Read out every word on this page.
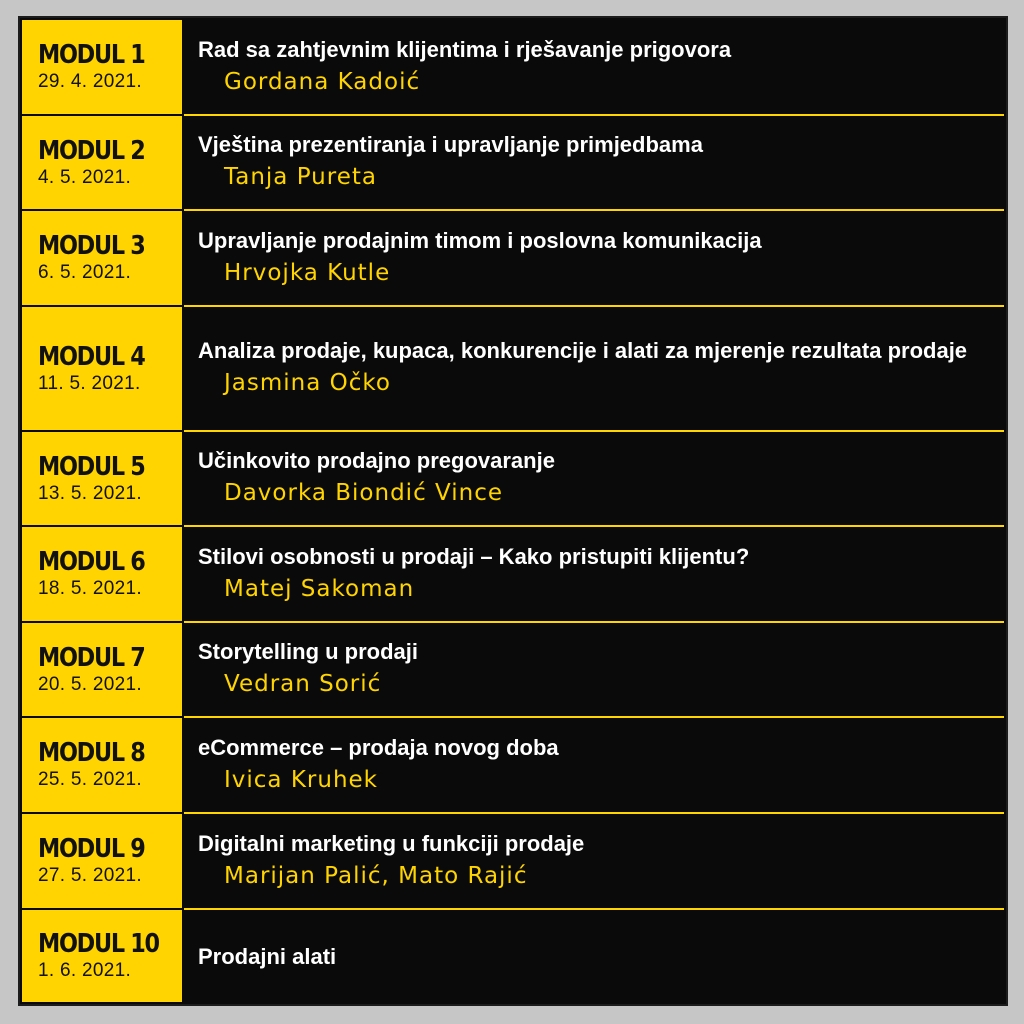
MODUL 1
29. 4. 2021.
Rad sa zahtjevnim klijentima i rješavanje prigovora
Gordana Kadoić
MODUL 2
4. 5. 2021.
Vještina prezentiranja i upravljanje primjedbama
Tanja Pureta
MODUL 3
6. 5. 2021.
Upravljanje prodajnim timom i poslovna komunikacija
Hrvojka Kutle
MODUL 4
11. 5. 2021.
Analiza prodaje, kupaca, konkurencije i alati za mjerenje rezultata prodaje
Jasmina Očko
MODUL 5
13. 5. 2021.
Učinkovito prodajno pregovaranje
Davorka Biondić Vince
MODUL 6
18. 5. 2021.
Stilovi osobnosti u prodaji – Kako pristupiti klijentu?
Matej Sakoman
MODUL 7
20. 5. 2021.
Storytelling u prodaji
Vedran Sorić
MODUL 8
25. 5. 2021.
eCommerce – prodaja novog doba
Ivica Kruhek
MODUL 9
27. 5. 2021.
Digitalni marketing u funkciji prodaje
Marijan Palić, Mato Rajić
MODUL 10
1. 6. 2021.
Prodajni alati
